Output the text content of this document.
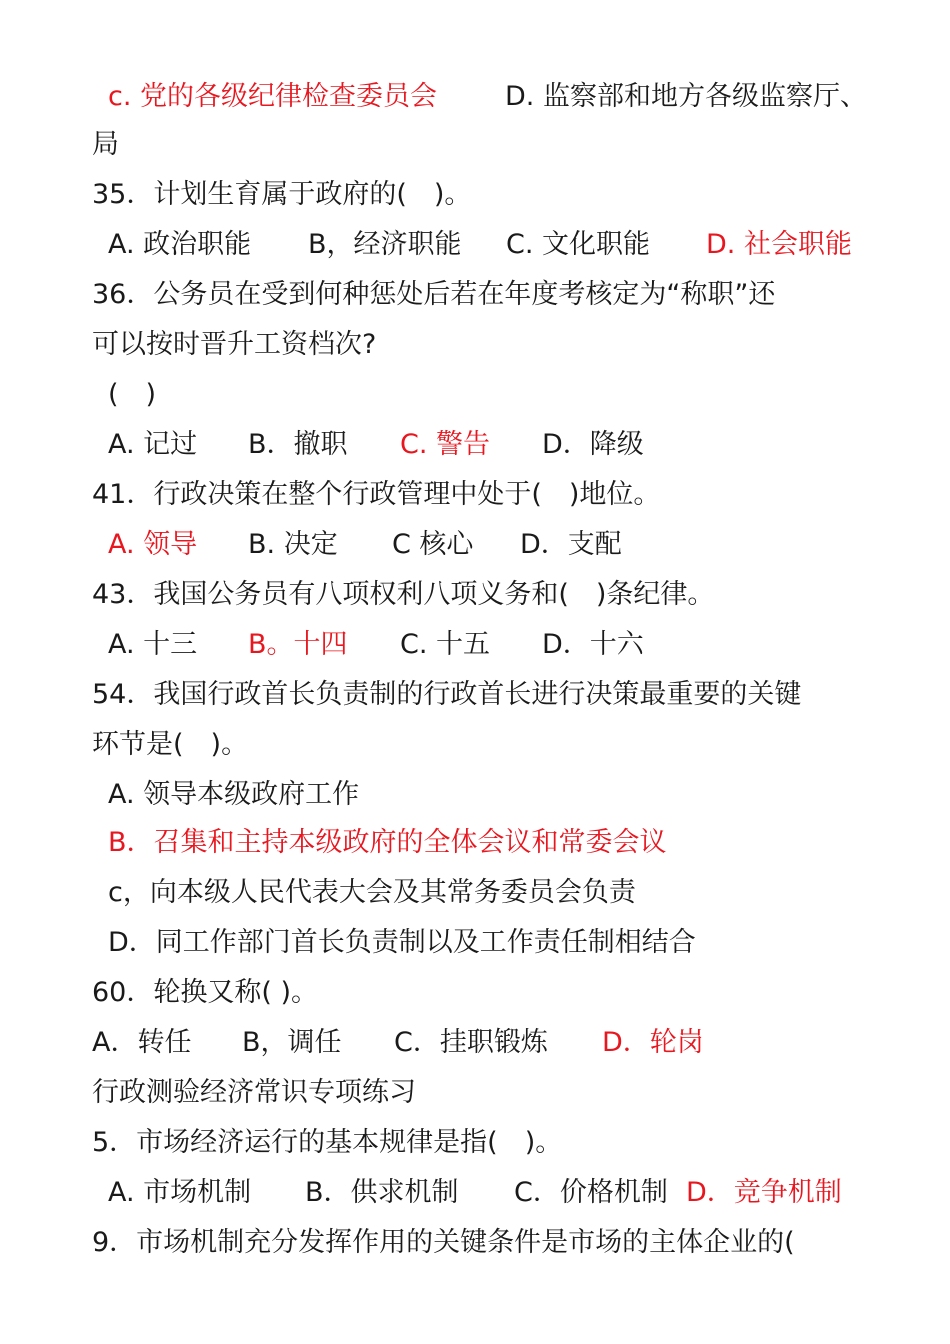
c. 党的各级纪律检查委员会	D. 监察部和地方各级监察厅、
局
35．计划生育属于政府的(　)。
A. 政治职能 B，经济职能 C. 文化职能 D. 社会职能
36．公务员在受到何种惩处后若在年度考核定为“称职”还
可以按时晋升工资档次?
(　)
A. 记过 B．撤职 C. 警告 D．降级
41．行政决策在整个行政管理中处于(　)地位。
A. 领导 B. 决定 C 核心 D．支配
43．我国公务员有八项权利八项义务和(　)条纪律。
A. 十三 B。十四 C. 十五 D．十六
54．我国行政首长负责制的行政首长进行决策最重要的关键
环节是(　)。
A. 领导本级政府工作
B．召集和主持本级政府的全体会议和常委会议
c，向本级人民代表大会及其常务委员会负责
D．同工作部门首长负责制以及工作责任制相结合
60．轮换又称( )。
A．转任 B，调任 C．挂职锻炼 D．轮岗
行政测验经济常识专项练习
5．市场经济运行的基本规律是指(　)。
A. 市场机制 B．供求机制 C．价格机制 D．竞争机制
9．市场机制充分发挥作用的关键条件是市场的主体企业的(
